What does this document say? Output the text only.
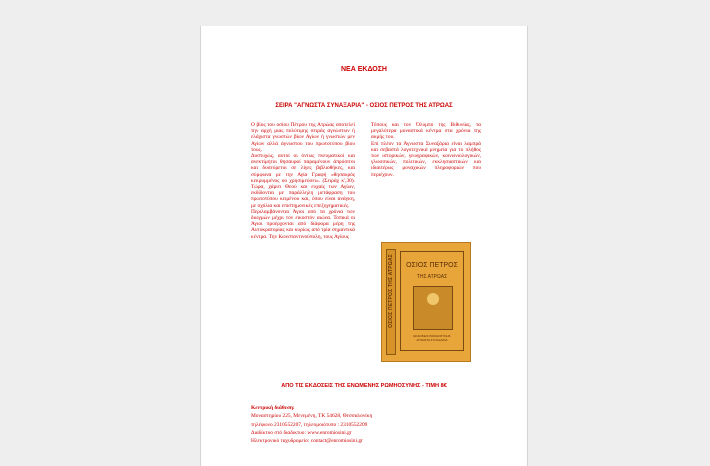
ΝΕΑ ΕΚΔΟΣΗ
ΣΕΙΡΑ "ΑΓΝΩΣΤΑ ΣΥΝΑΞΑΡΙΑ" - ΟΣΙΟΣ ΠΕΤΡΟΣ ΤΗΣ ΑΤΡΩΑΣ

Ο βίος του οσίου Πέτρου της Ατρώας αποτελεί την αρχή μιας πολύτιμης σειράς αγνώστων ή ελάχιστα γνωστών βίων Αγίων ή γνωστών μεν Αγίων αλλά άγνωστου του πρωτοτύπου βίου τους.

Δυστυχώς, αυτοί οι όντως πνευματικοί και ανεκτίμητοι θησαυροί παραμένουν άπρόσιτοι και δυσεύρετοι σε λίγες βιβλιοθήκες, και σύμφωνα με την Αγία Γραφή «θησαυρός κεκρυμμένος ού χρησιμεύσει». (Σειράχ κ',30). Τώρα, χάριτι Θεού και ευχαίς των Αγίων, εκδίδονται με παράλληλη μετάφραση του πρωτοτύπου κειμένου και, όπου είναι ανάγκη, με σχόλια και επιστημονικές επεξηγηματικές.

Περιλαμβάνονται Άγιοι από τα χρόνια των διωγμών μέχρι τον εικοστόν αιώνα. Τοπικά οι Άγιοι προέρχονται από διάφορα μέρη της Αυτοκρατορίας και κυρίως από τρία σημαντικά κέντρα. Την Κωνσταντινούπολη, τους Αγίους

Τόπους και τον Όλυμπο της Βιθυνίας, τα μεγαλύτερα μοναστικά κέντρα στα χρόνια της ακμής του.

Επί πλέον τα Άγνωστα Συναξάρια είναι λαμπρά και σεβαστά λογοτεχνικά μνημεία για το πλήθος των ιστορικών, γεωγραφικών, κοινωνιολογικών, γλωσσικών, πολιτικών, εκκλησιαστικών και ιδιαιτέρως μοναχικών πληροφοριών που περιέχουν.

ΟΣΙΟΣ ΠΕΤΡΟΣ ΤΗΣ ΑΤΡΩΑΣ	ΟΣΙΟΣ ΠΕΤΡΟΣ
ΤΗΣ ΑΤΡΩΑΣ
ΕΚΔΟΣΕΙΣ ΡΩΜΗΟΣΥΝΗΣ
ΑΓΝΩΣΤΑ ΣΥΝΑΞΑΡΙΑ
ΑΠΟ ΤΙΣ ΕΚΔΟΣΕΙΣ ΤΗΣ ΕΝΩΜΕΝΗΣ ΡΩΜΗΟΣΥΝΗΣ - ΤΙΜΗ 8€
Κεντρική διάθεση:
Μοναστηρίου 225, Μενεμένη, ΤΚ 54628, Θεσσαλονίκη
τηλέφωνο 2310552207, τηλεομοιότυπο : 2310552209
Διαδίκτυο στό διαδικτυο: www.enromiosini.gr
Ηλεκτρονικό ταχυδρομείο: contact@enromiosini.gr
